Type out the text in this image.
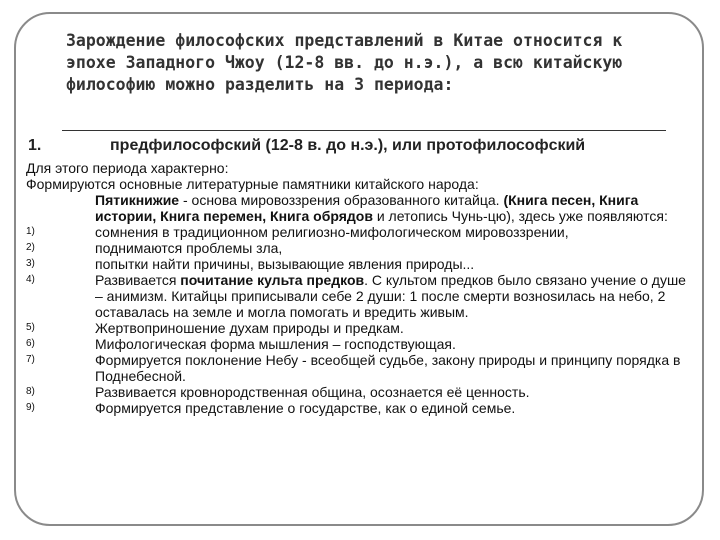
Зарождение философских представлений в Китае относится к эпохе Западного Чжоу (12-8 вв. до н.э.), а всю китайскую философию можно разделить на 3 периода:

1.	предфилософский (12-8 в. до н.э.), или протофилософский

Для этого периода характерно:

Формируются основные литературные памятники китайского народа:

Пятикнижие - основа мировоззрения образованного китайца. (Книга песен, Книга истории, Книга перемен, Книга обрядов и летопись Чунь-цю), здесь уже появляются:

1)	сомнения в традиционном религиозно-мифологическом мировоззрении,

2)	поднимаются проблемы зла,

3)	попытки найти причины, вызывающие явления природы...

4)	Развивается почитание культа предков. С культом предков было связано учение о душе – анимизм. Китайцы приписывали себе 2 души: 1 после смерти вознosилась на небо, 2 оставалась на земле и могла помогать и вредить живым.

5)	Жертвоприношение духам природы и предкам.

6)	Мифологическая форма мышления – господствующая.

7)	Формируется поклонение Небу - всеобщей судьбе, закону природы и принципу порядка в Поднебесной.

8)	Развивается кровнородственная община, осознается её ценность.

9)	Формируется представление о государстве, как о единой семье.
